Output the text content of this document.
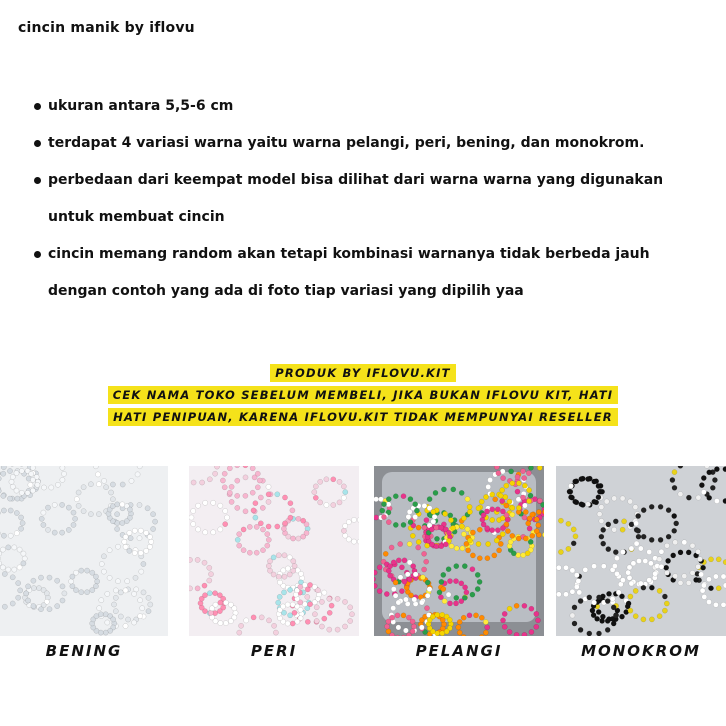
cincin manik by iflovu
ukuran antara 5,5-6 cm
terdapat 4 variasi warna yaitu warna pelangi, peri, bening, dan monokrom.
perbedaan dari keempat model bisa dilihat dari warna warna yang digunakan untuk membuat cincin
cincin memang random akan tetapi kombinasi warnanya tidak berbeda jauh dengan contoh yang ada di foto tiap variasi yang dipilih yaa
PRODUK BY IFLOVU.KIT
CEK NAMA TOKO SEBELUM MEMBELI, JIKA BUKAN IFLOVU KIT, HATI
HATI PENIPUAN, KARENA IFLOVU.KIT TIDAK MEMPUNYAI RESELLER
BENING	PERI	PELANGI	MONOKROM
